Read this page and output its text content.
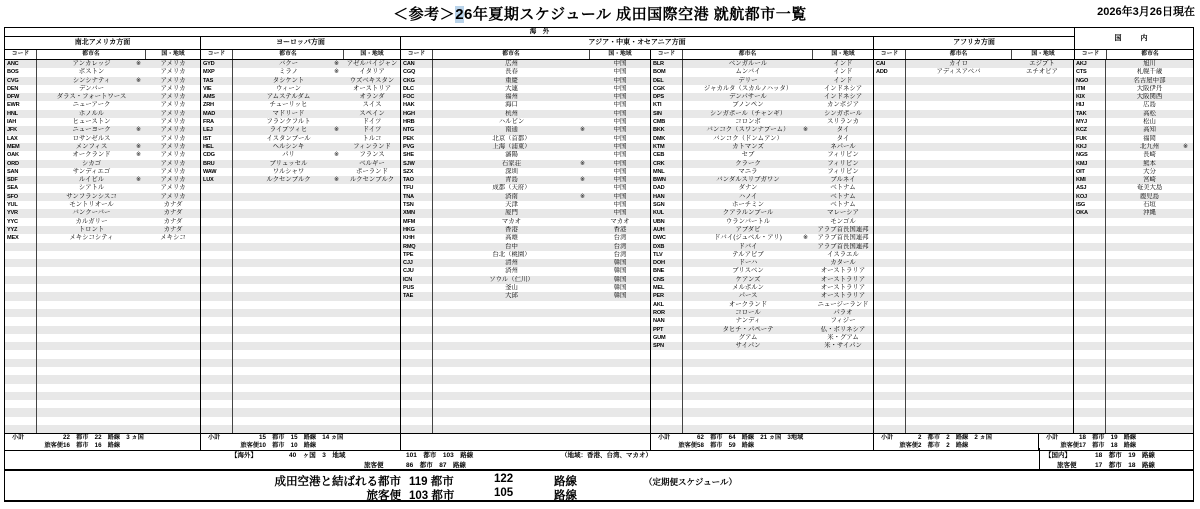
＜参考＞26年夏期スケジュール 成田国際空港 就航都市一覧	2026年3月26日現在
海　外
南北アメリカ方面	ヨーロッパ方面	アジア・中東・オセアニア方面	アフリカ方面
コード	都市名	国・地域	コード	都市名	国・地域	コード	都市名	国・地域	コード	都市名	国・地域	コード	都市名	国・地域
国　内
コード	都市名
ANC	アンカレッジ	※	アメリカ
BOS	ボストン	アメリカ
CVG	シンシナティ	※	アメリカ
DEN	デンバー	アメリカ
DFW	ダラス・フォートワース	アメリカ
EWR	ニューアーク	アメリカ
HNL	ホノルル	アメリカ
IAH	ヒューストン	アメリカ
JFK	ニューヨーク	※	アメリカ
LAX	ロサンゼルス	アメリカ
MEM	メンフィス	※	アメリカ
OAK	オークランド	※	アメリカ
ORD	シカゴ	アメリカ
SAN	サンディエゴ	アメリカ
SDF	ルイビル	※	アメリカ
SEA	シアトル	アメリカ
SFO	サンフランシスコ	アメリカ
YUL	モントリオール	カナダ
YVR	バンクーバー	カナダ
YYC	カルガリー	カナダ
YYZ	トロント	カナダ
MEX	メキシコシティ	メキシコ
GYD	バクー	※	アゼルバイジャン
MXP	ミラノ	※	イタリア
TAS	タシケント	ウズベキスタン
VIE	ウィーン	オーストリア
AMS	アムステルダム	オランダ
ZRH	チューリッヒ	スイス
MAD	マドリード	スペイン
FRA	フランクフルト	ドイツ
LEJ	ライプツィヒ	※	ドイツ
IST	イスタンブール	トルコ
HEL	ヘルシンキ	フィンランド
CDG	パリ	※	フランス
BRU	ブリュッセル	ベルギー
WAW	ワルシャワ	ポーランド
LUX	ルクセンブルク	※	ルクセンブルク
CAN	広州	中国
CGQ	長春	中国
CKG	重慶	中国
DLC	大連	中国
FOC	福州	中国
HAK	海口	中国
HGH	杭州	中国
HRB	ハルビン	中国
NTG	南通	※	中国
PEK	北京（首都）	中国
PVG	上海（浦東）	中国
SHE	瀋陽	中国
SJW	石家荘	※	中国
SZX	深圳	中国
TAO	青島	※	中国
TFU	成都（天府）	中国
TNA	済南	※	中国
TSN	天津	中国
XMN	厦門	中国
MFM	マカオ	マカオ
HKG	香港	香港
KHH	高雄	台湾
RMQ	台中	台湾
TPE	台北（桃園）	台湾
CJJ	清州	韓国
CJU	済州	韓国
ICN	ソウル（仁川）	韓国
PUS	釜山	韓国
TAE	大邱	韓国
BLR	ベンガルール	インド
BOM	ムンバイ	インド
DEL	デリー	インド
CGK	ジャカルタ（スカルノハッタ）	インドネシア
DPS	デンパサール	インドネシア
KTI	プノンペン	カンボジア
SIN	シンガポール（チャンギ）	シンガポール
CMB	コロンボ	スリランカ
BKK	バンコク（スワンナプーム） ※	タイ
DMK	バンコク（ドンムアン）	タイ
KTM	カトマンズ	ネパール
CEB	セブ	フィリピン
CRK	クラーク	フィリピン
MNL	マニラ	フィリピン
BWN	バンダルスリブガワン	ブルネイ
DAD	ダナン	ベトナム
HAN	ハノイ	ベトナム
SGN	ホーチミン	ベトナム
KUL	クアラルンプール	マレーシア
UBN	ウランバートル	モンゴル
AUH	アブダビ	アラブ首長国連邦
DWC	ドバイ(ジュベル・アリ)	※	アラブ首長国連邦
DXB	ドバイ	アラブ首長国連邦
TLV	テルアビブ	イスラエル
DOH	ドーハ	カタール
BNE	ブリスベン	オーストラリア
CNS	ケアンズ	オーストラリア
MEL	メルボルン	オーストラリア
PER	パース	オーストラリア
AKL	オークランド	ニュージーランド
ROR	コロール	パラオ
NAN	ナンディ	フィジー
PPT	タヒチ・パペーテ	仏・ポリネシア
GUM	グアム	米・グアム
SPN	サイパン	米・サイパン
CAI	カイロ	エジプト
ADD	アディスアベバ	エチオピア
AKJ	旭川
CTS	札幌千歳
NGO	名古屋中部
ITM	大阪伊丹
KIX	大阪関西
HIJ	広島
TAK	高松
MYJ	松山
KCZ	高知
FUK	福岡
KKJ	北九州	※
NGS	長崎
KMJ	熊本
OIT	大分
KMI	宮崎
ASJ	奄美大島
KOJ	鹿児島
ISG	石垣
OKA	沖縄
小計	22　都市　22　路線　3 ヵ国
旅客便 16　都市　16　路線
小計	15　都市　15　路線　14 ヵ国
旅客便 10　都市　10　路線
小計	62　都市　64　路線　21 ヵ国　3地域
旅客便 58　都市　59　路線
小計	2　都市　2　路線　2 ヵ国
旅客便 2　都市　2　路線
小計	18　都市　19　路線
旅客便 17　都市　18　路線
【海外】	40　ヶ国　3　地域	101　都市　103　路線	（地域：香港、台湾、マカオ）
旅客便	86　都市　87　路線
【国内】	18　都市　19　路線
旅客便	17　都市　18　路線
成田空港と結ばれる都市 119 都市	122	路線	（定期便スケジュール）
旅客便 103 都市	105	路線
